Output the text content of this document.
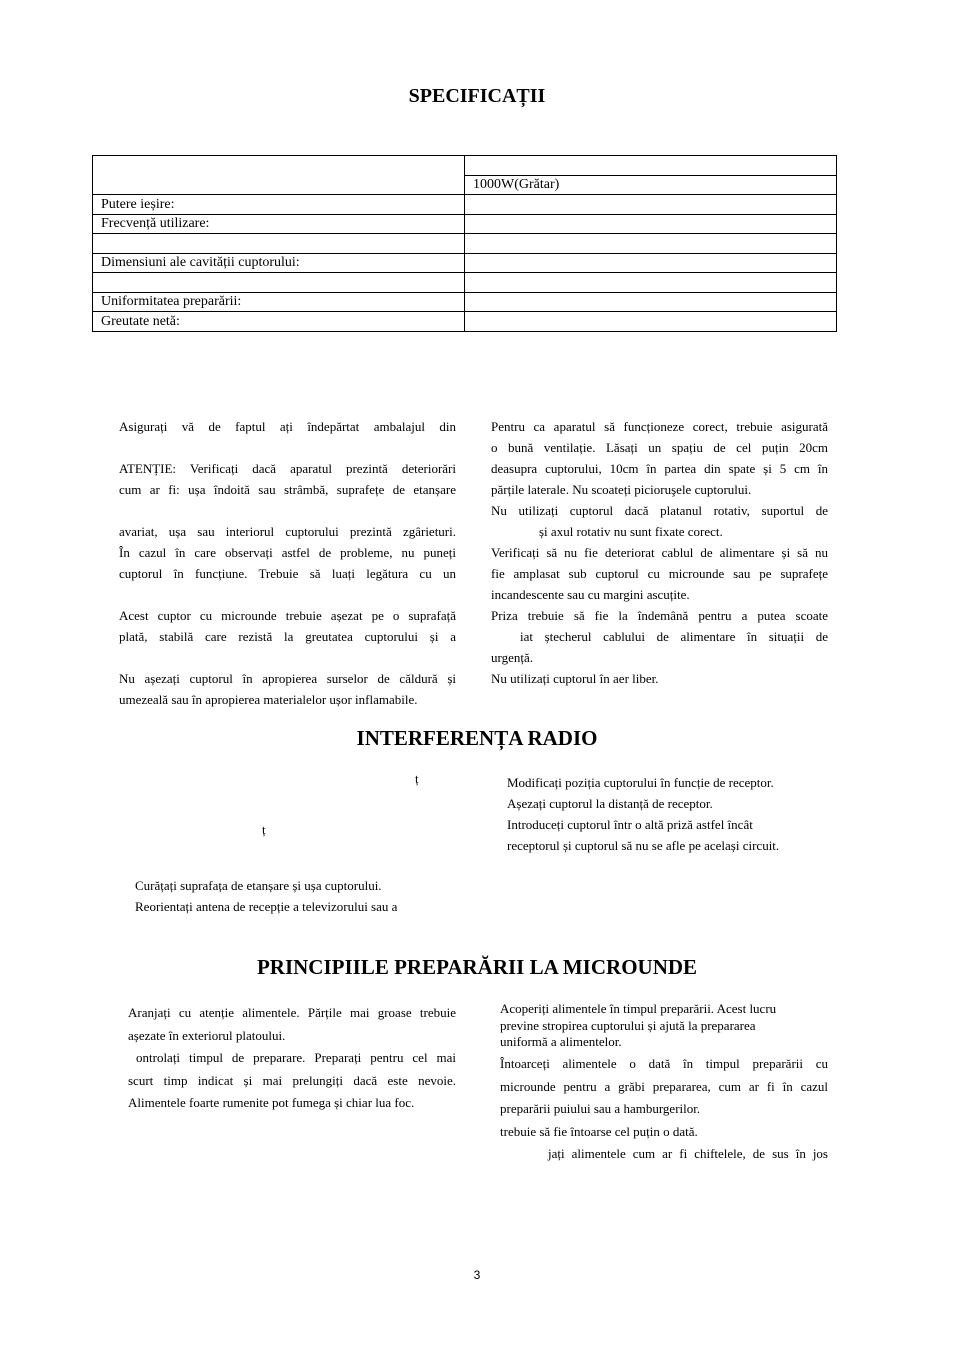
SPECIFICAȚII

	1000W(Grătar)
Putere ieșire:	
Frecvență utilizare:	

Dimensiuni ale cavității cuptorului:	

Uniformitatea preparării:	
Greutate netă:	

Asigurați vă de faptul ați îndepărtat ambalajul din

ATENȚIE: Verificați dacă aparatul prezintă deteriorări

cum ar fi: ușa îndoită sau strâmbă, suprafețe de etanșare

avariat, ușa sau interiorul cuptorului prezintă zgârieturi.

În cazul în care observați astfel de probleme, nu puneți

cuptorul în funcțiune. Trebuie să luați legătura cu un

Acest cuptor cu microunde trebuie așezat pe o suprafață

plată, stabilă care rezistă la greutatea cuptorului și a

Nu așezați cuptorul în apropierea surselor de căldură și

umezeală sau în apropierea materialelor ușor inflamabile.

Pentru ca aparatul să funcționeze corect, trebuie asigurată

o bună ventilație. Lăsați un spațiu de cel puțin 20cm

deasupra cuptorului, 10cm în partea din spate și 5 cm în

părțile laterale. Nu scoateți picioruşele cuptorului.

Nu utilizați cuptorul dacă platanul rotativ, suportul de

și axul rotativ nu sunt fixate corect.

Verificați să nu fie deteriorat cablul de alimentare și să nu

fie amplasat sub cuptorul cu microunde sau pe suprafețe

incandescente sau cu margini ascuțite.

Priza trebuie să fie la îndemână pentru a putea scoate

iat ștecherul cablului de alimentare în situații de

urgență.

Nu utilizați cuptorul în aer liber.

INTERFERENȚA RADIO
ț
ț

Modificați poziția cuptorului în funcție de receptor.

Așezați cuptorul la distanță de receptor.

Introduceți cuptorul într o altă priză astfel încât

receptorul și cuptorul să nu se afle pe același circuit.

Curățați suprafața de etanșare și ușa cuptorului.

Reorientați antena de recepție a televizorului sau a

PRINCIPIILE PREPARĂRII LA MICROUNDE

Aranjați cu atenție alimentele. Părțile mai groase trebuie

așezate în exteriorul platoului.

ontrolați timpul de preparare. Preparați pentru cel mai

scurt timp indicat și mai prelungiți dacă este nevoie.

Alimentele foarte rumenite pot fumega și chiar lua foc.

Acoperiți alimentele în timpul preparării. Acest lucru

previne stropirea cuptorului și ajută la prepararea

uniformă a alimentelor.

Întoarceți alimentele o dată în timpul preparării cu

microunde pentru a grăbi prepararea, cum ar fi în cazul

preparării puiului sau a hamburgerilor.

trebuie să fie întoarse cel puțin o dată.

jați alimentele cum ar fi chiftelele, de sus în jos

3
